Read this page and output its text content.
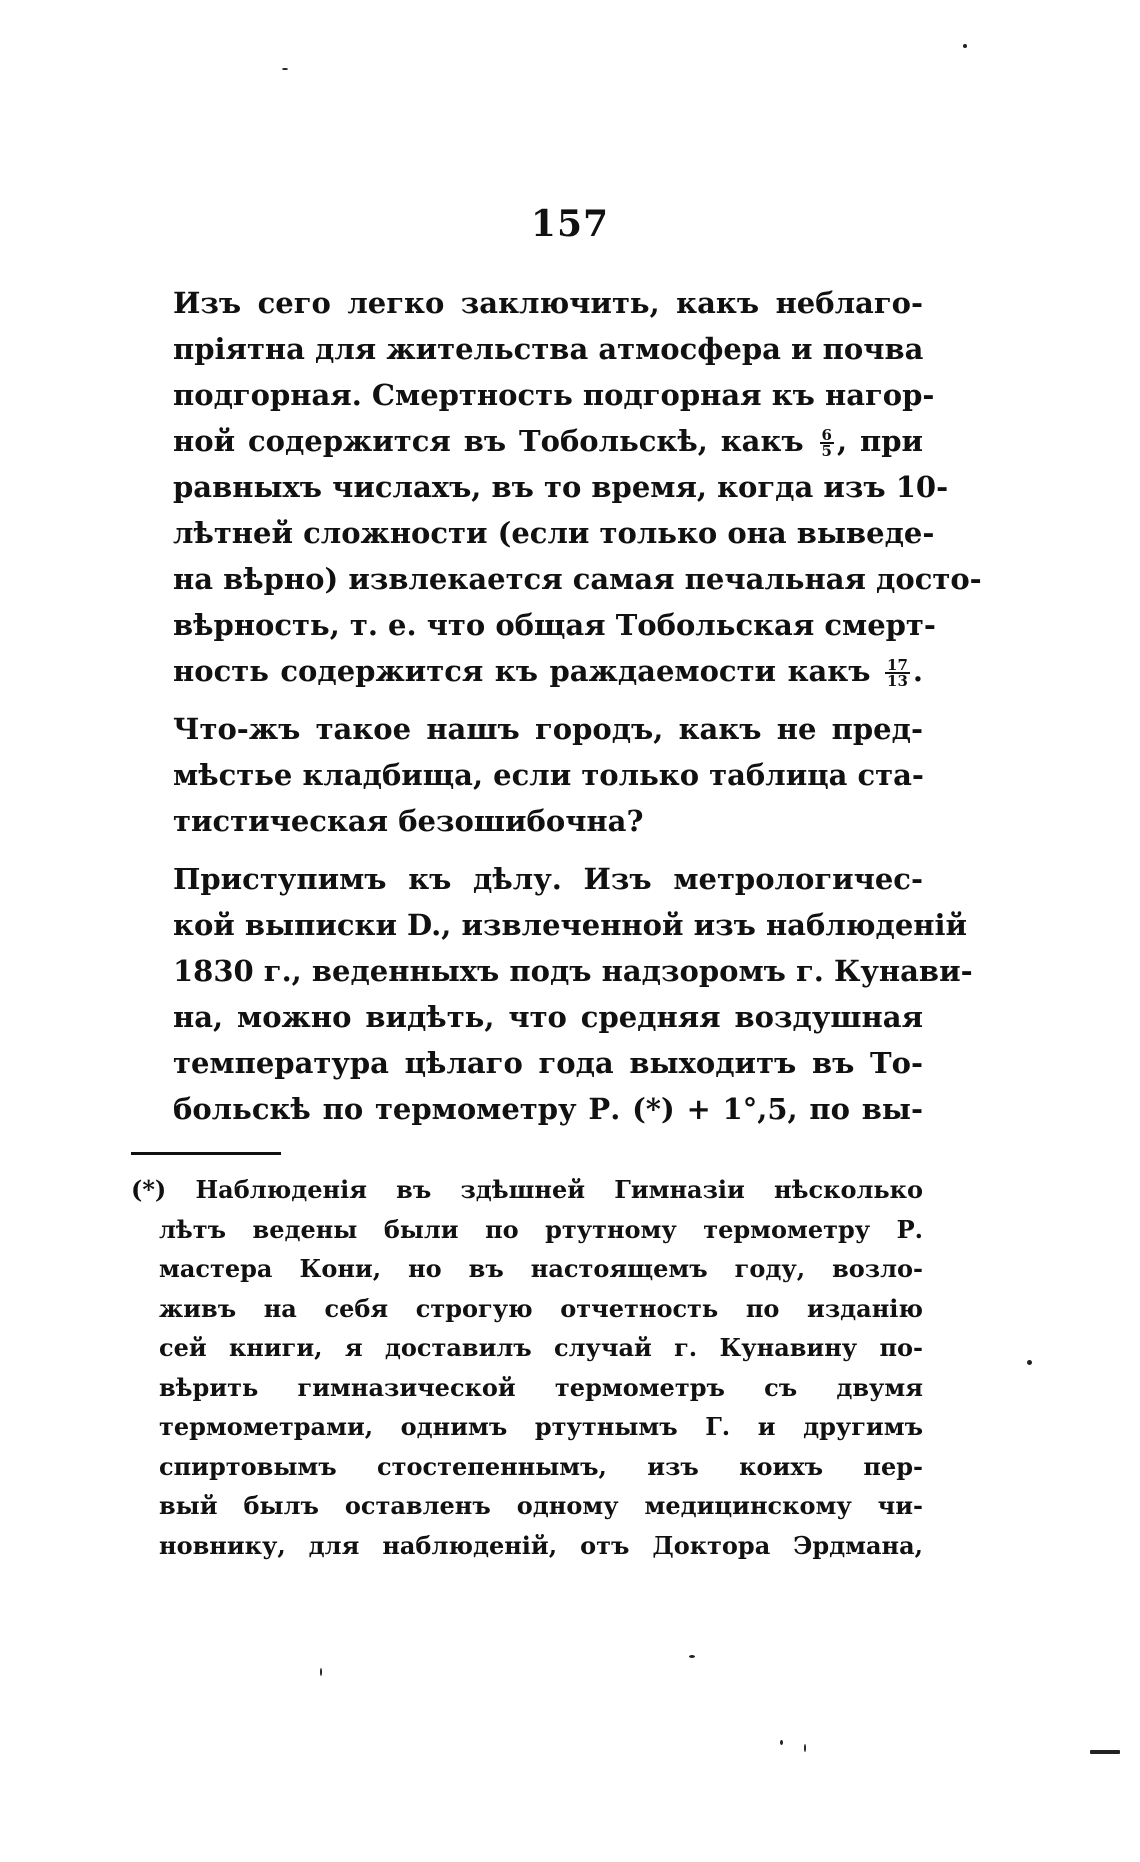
157
Изъ сего легко заключить, какъ неблаго-
пріятна для жительства атмосфера и почва
подгорная. Смертность подгорная къ нагор-
ной содержится въ Тобольскѣ, какъ $\frac{6}{5}$ , при
равныхъ числахъ, въ то время, когда изъ 10-
лѣтней сложности (если только она выведе-
на вѣрно) извлекается самая печальная досто-
вѣрность, т. е. что общая Тобольская смерт-
ность содержится къ раждаемости какъ $\frac{17}{13}$ .
Что-жъ такое нашъ городъ, какъ не пред-
мѣстье кладбища, если только таблица ста-
тистическая безошибочна?
Приступимъ къ дѣлу. Изъ метрологичес-
кой выписки D., извлеченной изъ наблюденій
1830 г., веденныхъ подъ надзоромъ г. Кунави-
на, можно видѣть, что средняя воздушная
температура цѣлаго года выходитъ въ То-
больскѣ по термометру Р. (*) + 1°,5, по вы-
(*) Наблюденія въ здѣшней Гимназіи нѣсколько
лѣтъ ведены были по ртутному термометру Р.
мастера Кони, но въ настоящемъ году, возло-
живъ на себя строгую отчетность по изданію
сей книги, я доставилъ случай г. Кунавину по-
вѣрить гимназической термометръ съ двумя
термометрами, однимъ ртутнымъ Г. и другимъ
спиртовымъ стостепеннымъ, изъ коихъ пер-
вый былъ оставленъ одному медицинскому чи-
новнику, для наблюденій, отъ Доктора Эрдмана,
